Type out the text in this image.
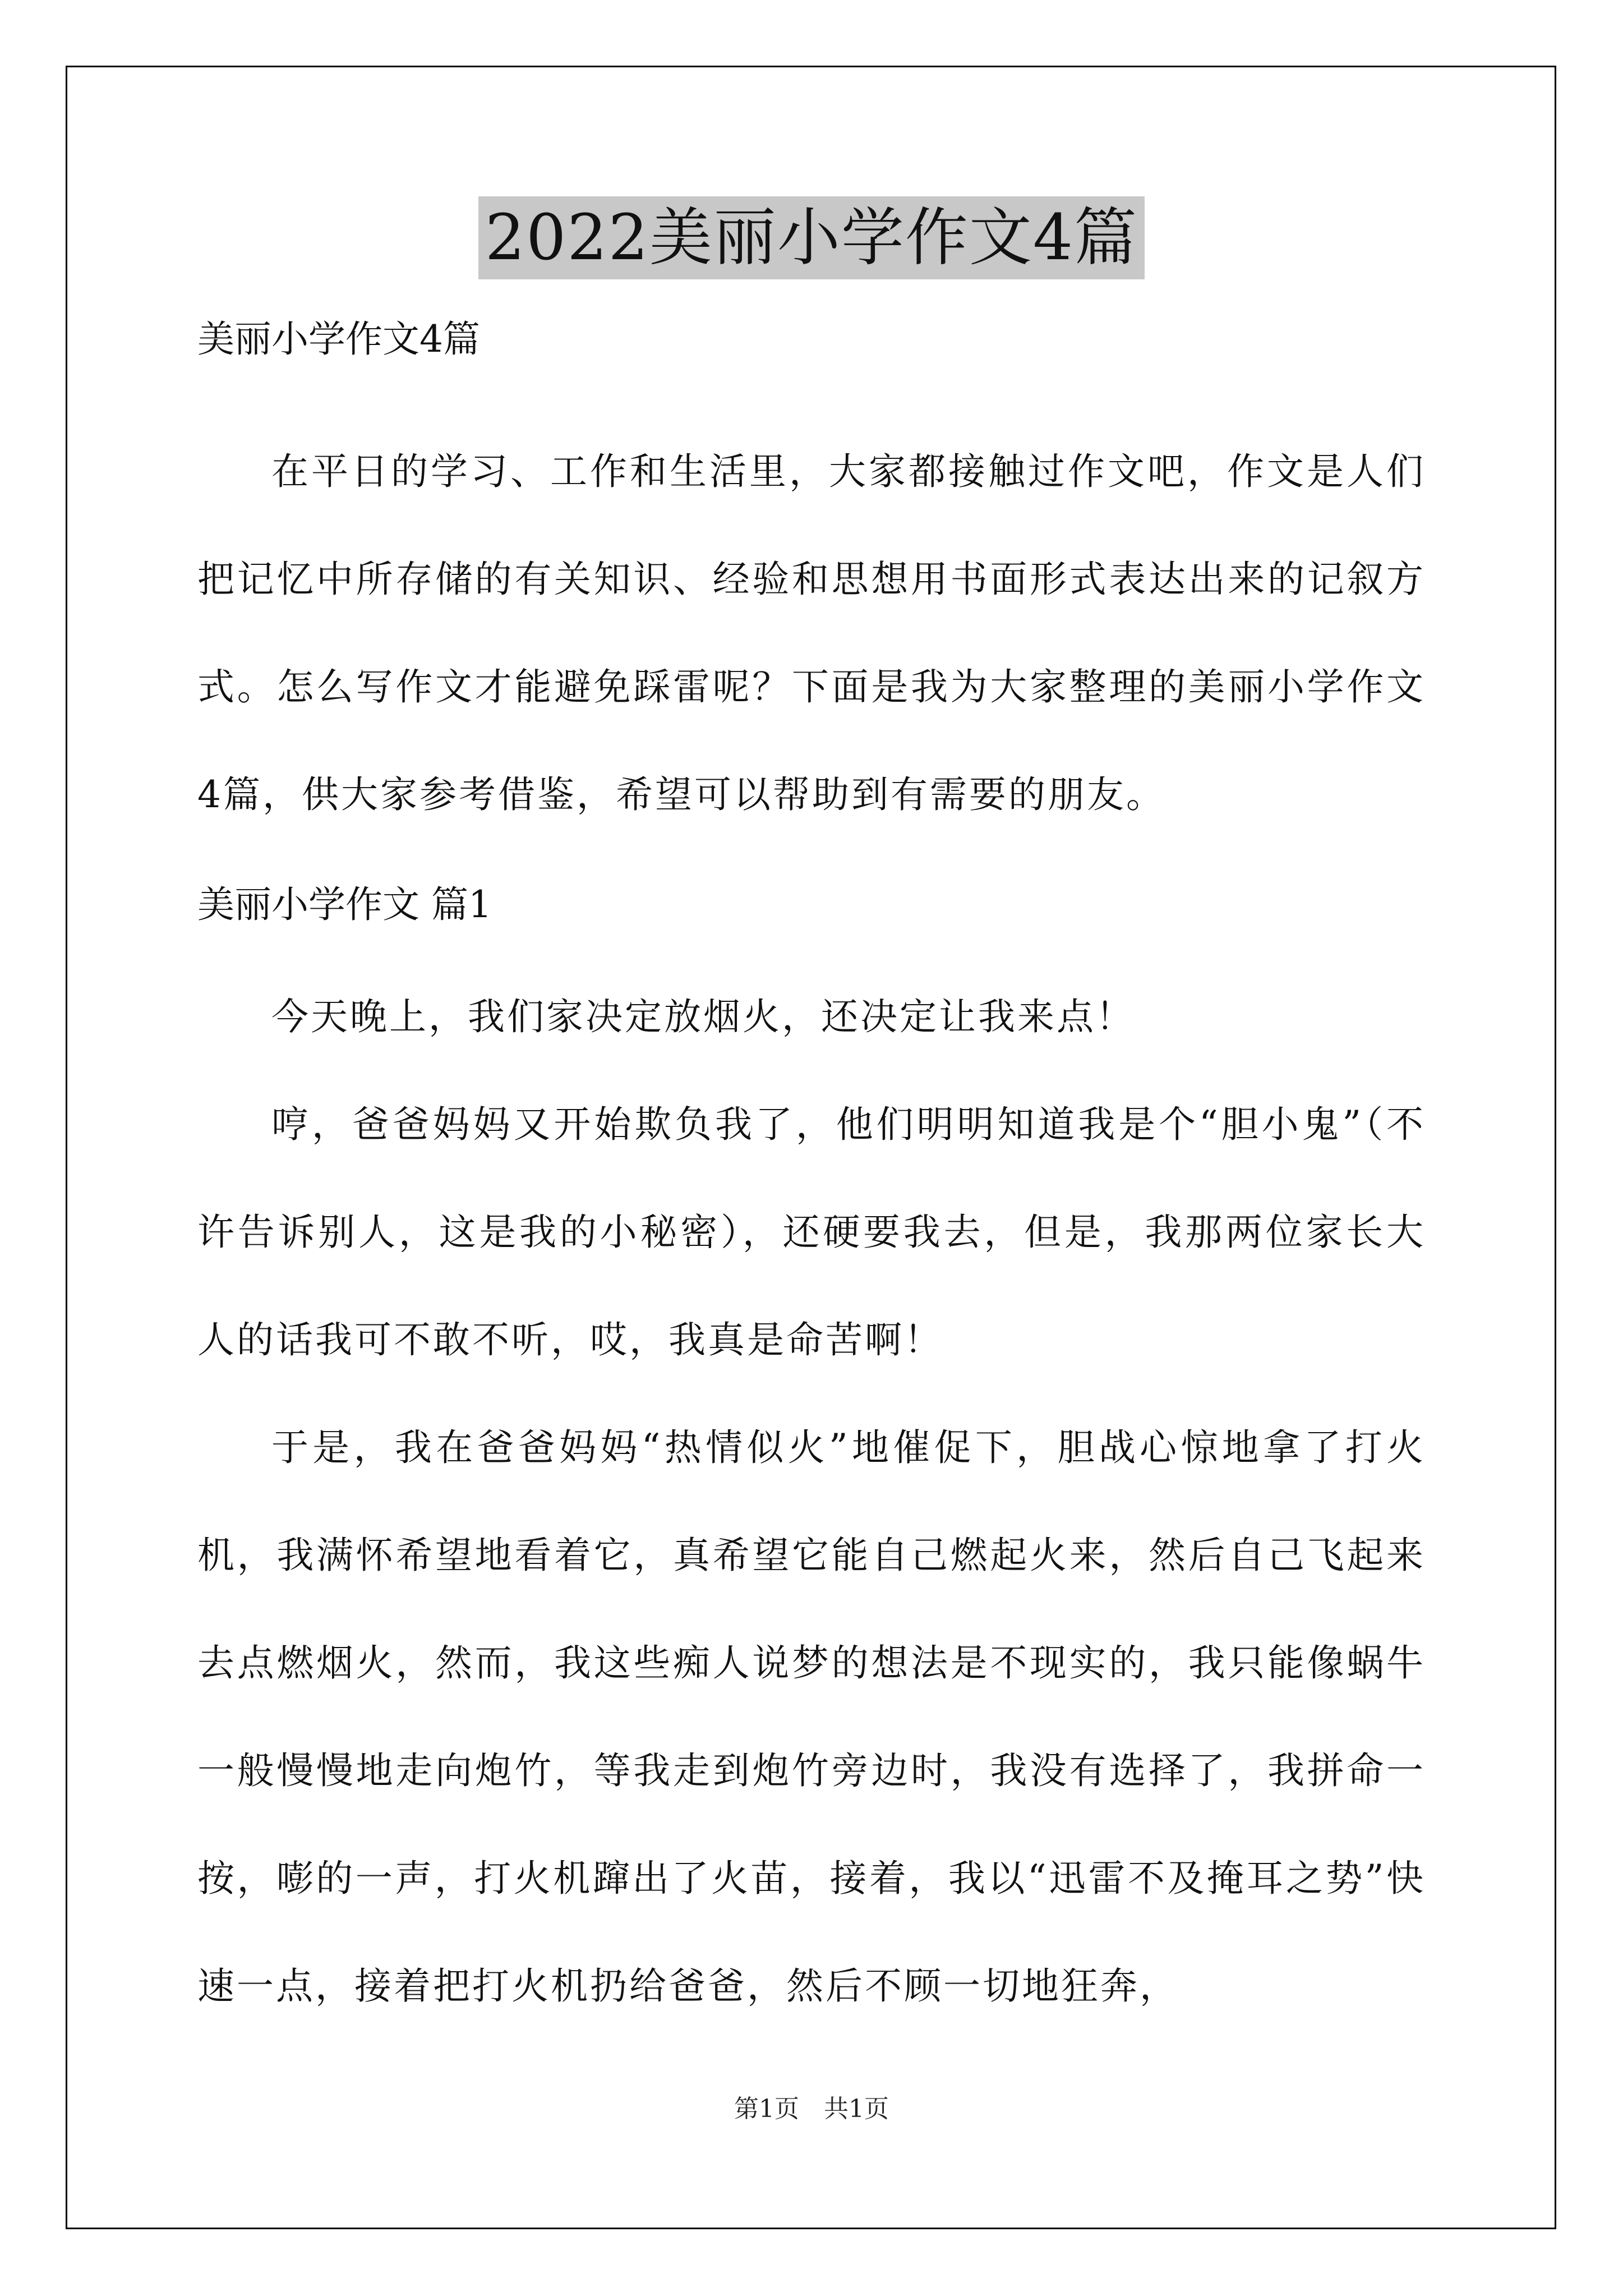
2022美丽小学作文4篇
美丽小学作文4篇

在平日的学习、工作和生活里，大家都接触过作文吧，作文是人们把记忆中所存储的有关知识、经验和思想用书面形式表达出来的记叙方式。怎么写作文才能避免踩雷呢？下面是我为大家整理的美丽小学作文4篇，供大家参考借鉴，希望可以帮助到有需要的朋友。

美丽小学作文 篇1

今天晚上，我们家决定放烟火，还决定让我来点！

哼，爸爸妈妈又开始欺负我了，他们明明知道我是个“胆小鬼”（不许告诉别人，这是我的小秘密），还硬要我去，但是，我那两位家长大人的话我可不敢不听，哎，我真是命苦啊！

于是，我在爸爸妈妈“热情似火”地催促下，胆战心惊地拿了打火机，我满怀希望地看着它，真希望它能自己燃起火来，然后自己飞起来去点燃烟火，然而，我这些痴人说梦的想法是不现实的，我只能像蜗牛一般慢慢地走向炮竹，等我走到炮竹旁边时，我没有选择了，我拼命一按，嘭的一声，打火机蹿出了火苗，接着，我以“迅雷不及掩耳之势”快速一点，接着把打火机扔给爸爸，然后不顾一切地狂奔，

第1页　共1页
